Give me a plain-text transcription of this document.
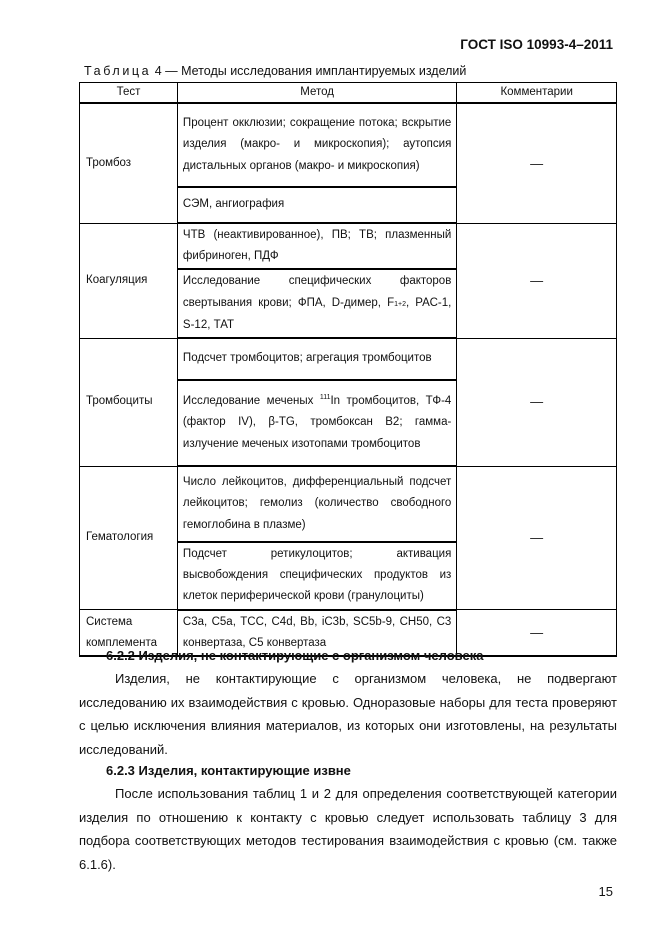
ГОСТ ISO 10993-4–2011
Таблица 4 — Методы исследования имплантируемых изделий
Тест	Метод	Комментарии
Тромбоз	Процент окклюзии; сокращение потока; вскрытие изделия (макро- и микроскопия); аутопсия дистальных органов (макро- и микроскопия)	—

	СЭМ, ангиография	

Коагуляция	ЧТВ (неактивированное), ПВ; ТВ; плазменный фибриноген, ПДФ	—

	Исследование специфических факторов свертывания крови; ФПА, D-димер, F1+2, РАС-1, S-12, ТАТ	

Тромбоциты	Подсчет тромбоцитов; агрегация тромбоцитов	—

	Исследование меченых $^{111}$In тромбоцитов, ТФ-4 (фактор IV), β-TG, тромбоксан В2; гамма-излучение меченых изотопами тромбоцитов	

Гематология	Число лейкоцитов, дифференциальный подсчет лейкоцитов; гемолиз (количество свободного гемоглобина в плазме)	—

	Подсчет ретикулоцитов; активация высвобождения специфических продуктов из клеток периферической крови (гранулоциты)	

Система комплемента	С3а, С5а, ТСС, С4d, Вb, iС3b, SC5b-9, СН50, С3 конвертаза, С5 конвертаза	—
6.2.2 Изделия, не контактирующие с организмом человека
Изделия, не контактирующие с организмом человека, не подвергают исследованию их взаимодействия с кровью. Одноразовые наборы для теста проверяют с целью исключения влияния материалов, из которых они изготовлены, на результаты исследований.
6.2.3 Изделия, контактирующие извне
После использования таблиц 1 и 2 для определения соответствующей категории изделия по отношению к контакту с кровью следует использовать таблицу 3 для подбора соответствующих методов тестирования взаимодействия с кровью (см. также 6.1.6).
15
